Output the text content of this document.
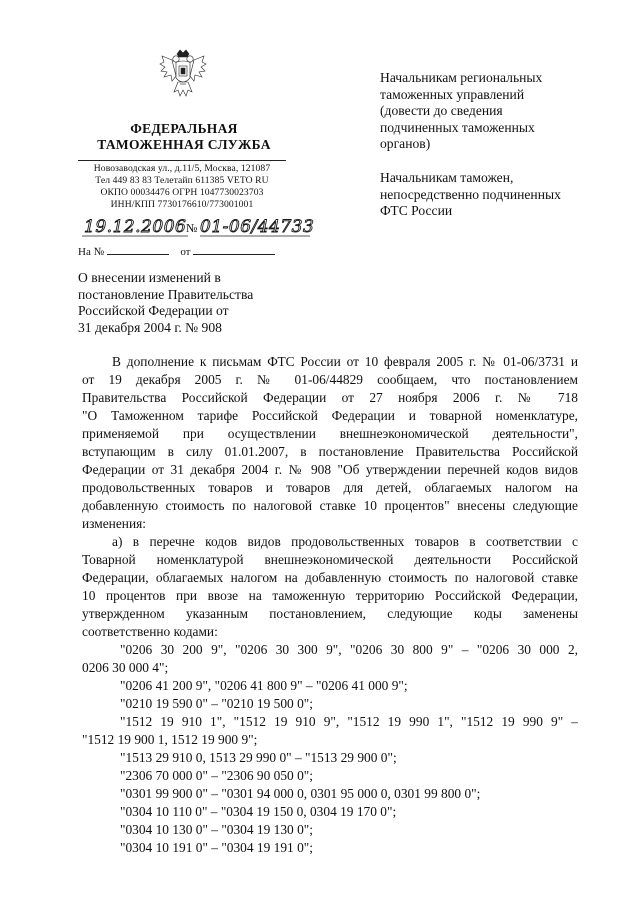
ФЕДЕРАЛЬНАЯ
ТАМОЖЕННАЯ СЛУЖБА
Новозаводская ул., д.11/5, Москва, 121087
Тел 449 83 83 Телетайп 611385 VETO RU
ОКПО 00034476 ОГРН 1047730023703
ИНН/КПП 7730176610/773001001
19.12.2006 № 01-06/44733
На №	от
О внесении изменений в
постановление Правительства
Российской Федерации от
31 декабря 2004 г. № 908
Начальникам региональных
таможенных управлений
(довести до сведения
подчиненных таможенных
органов)
Начальникам таможен,
непосредственно подчиненных
ФТС России
В дополнение к письмам ФТС России от 10 февраля 2005 г. № 01-06/3731 и
от 19 декабря 2005 г. № 01-06/44829 сообщаем, что постановлением
Правительства Российской Федерации от 27 ноября 2006 г. № 718
"О Таможенном тарифе Российской Федерации и товарной номенклатуре,
применяемой при осуществлении внешнеэкономической деятельности",
вступающим в силу 01.01.2007, в постановление Правительства Российской
Федерации от 31 декабря 2004 г. № 908 "Об утверждении перечней кодов видов
продовольственных товаров и товаров для детей, облагаемых налогом на
добавленную стоимость по налоговой ставке 10 процентов" внесены следующие
изменения:
а) в перечне кодов видов продовольственных товаров в соответствии с
Товарной номенклатурой внешнеэкономической деятельности Российской
Федерации, облагаемых налогом на добавленную стоимость по налоговой ставке
10 процентов при ввозе на таможенную территорию Российской Федерации,
утвержденном указанным постановлением, следующие коды заменены
соответственно кодами:
"0206 30 200 9", "0206 30 300 9", "0206 30 800 9" – "0206 30 000 2,
0206 30 000 4";
"0206 41 200 9", "0206 41 800 9" – "0206 41 000 9";
"0210 19 590 0" – "0210 19 500 0";
"1512 19 910 1", "1512 19 910 9", "1512 19 990 1", "1512 19 990 9" –
"1512 19 900 1, 1512 19 900 9";
"1513 29 910 0, 1513 29 990 0" – "1513 29 900 0";
"2306 70 000 0" – "2306 90 050 0";
"0301 99 900 0" – "0301 94 000 0, 0301 95 000 0, 0301 99 800 0";
"0304 10 110 0" – "0304 19 150 0, 0304 19 170 0";
"0304 10 130 0" – "0304 19 130 0";
"0304 10 191 0" – "0304 19 191 0";
